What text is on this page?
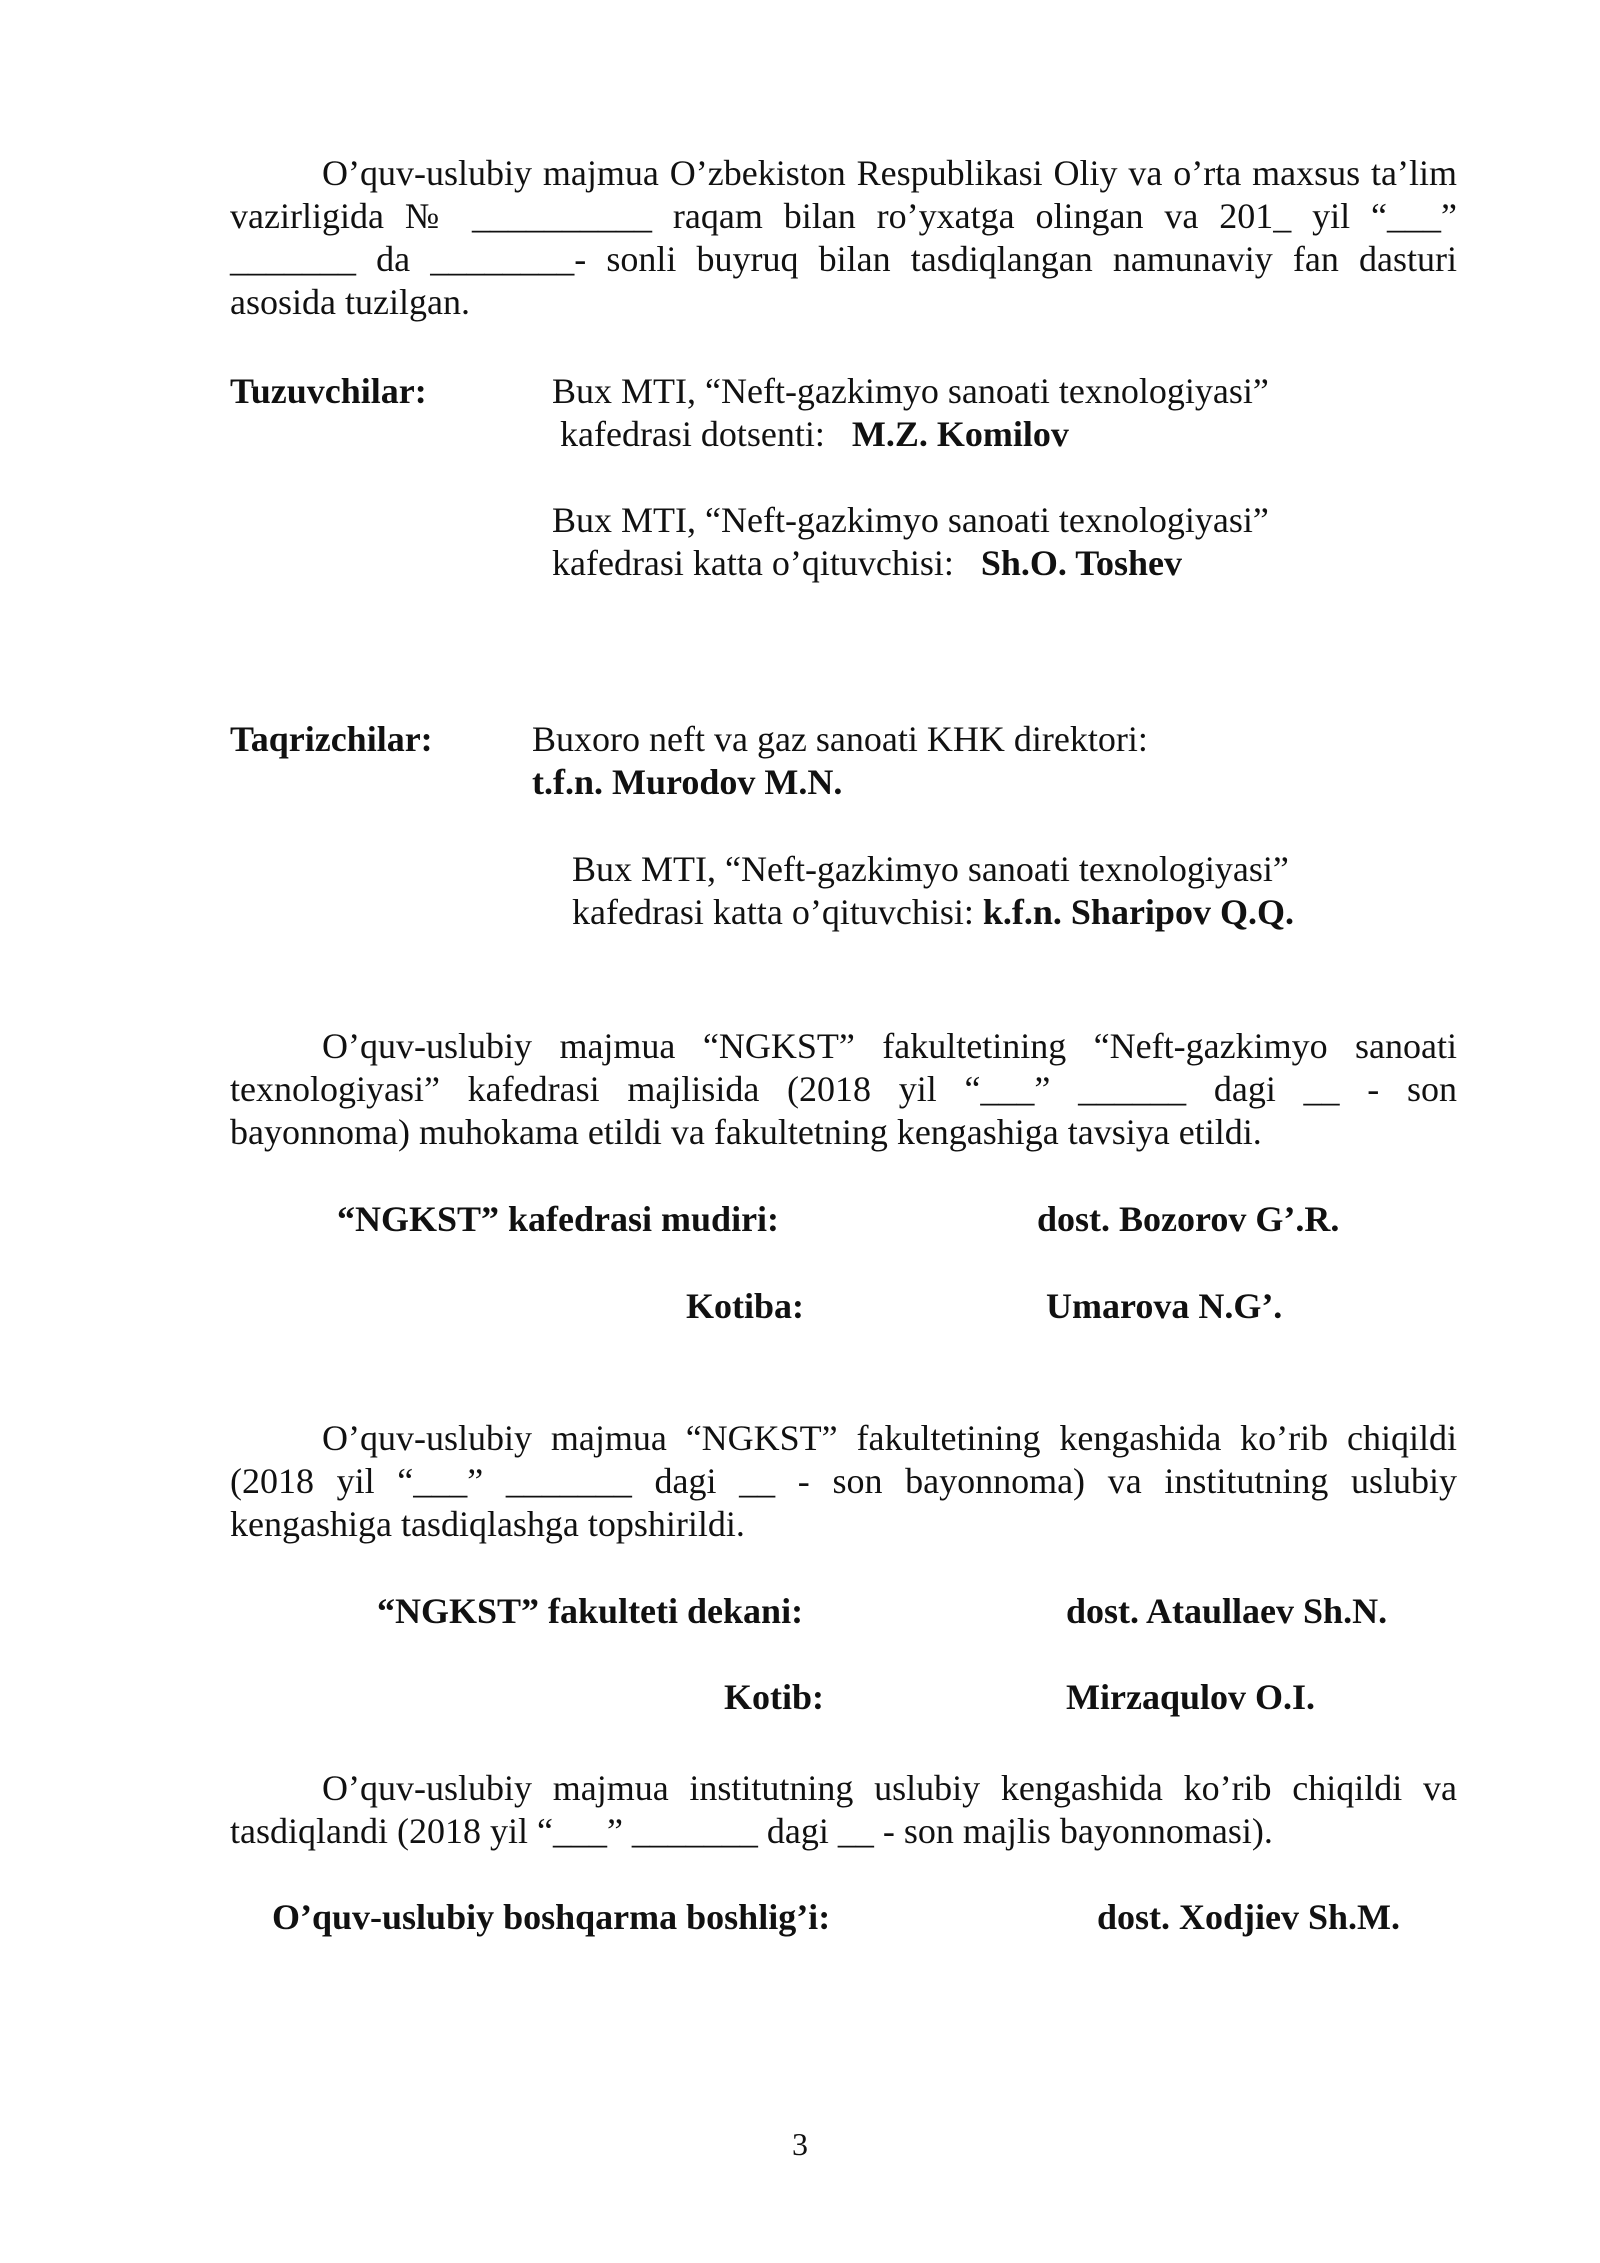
O’quv-uslubiy majmua O’zbekiston Respublikasi Oliy va o’rta maxsus ta’lim vazirligida № __________ raqam bilan ro’yxatga olingan va 201_ yil “___” _______ da ________- sonli buyruq bilan tasdiqlangan namunaviy fan dasturi asosida tuzilgan.
Tuzuvchilar:	Bux MTI, “Neft-gazkimyo sanoati texnologiyasi”
kafedrasi dotsenti: M.Z. Komilov
Bux MTI, “Neft-gazkimyo sanoati texnologiyasi”
kafedrasi katta o’qituvchisi: Sh.O. Toshev
Taqrizchilar:	Buxoro neft va gaz sanoati KHK direktori:
t.f.n. Murodov M.N.
Bux MTI, “Neft-gazkimyo sanoati texnologiyasi”
kafedrasi katta o’qituvchisi: k.f.n. Sharipov Q.Q.
O’quv-uslubiy majmua “NGKST” fakultetining “Neft-gazkimyo sanoati texnologiyasi” kafedrasi majlisida (2018 yil “___” ______ dagi __ - son bayonnoma) muhokama etildi va fakultetning kengashiga tavsiya etildi.
“NGKST” kafedrasi mudiri:	dost. Bozorov G’.R.
Kotiba:	Umarova N.G’.
O’quv-uslubiy majmua “NGKST” fakultetining kengashida ko’rib chiqildi (2018 yil “___” _______ dagi __ - son bayonnoma) va institutning uslubiy kengashiga tasdiqlashga topshirildi.
“NGKST” fakulteti dekani:	dost. Ataullaev Sh.N.
Kotib:	Mirzaqulov O.I.
O’quv-uslubiy majmua institutning uslubiy kengashida ko’rib chiqildi va tasdiqlandi (2018 yil “___” _______ dagi __ - son majlis bayonnomasi).
O’quv-uslubiy boshqarma boshlig’i:	dost. Xodjiev Sh.M.
3
